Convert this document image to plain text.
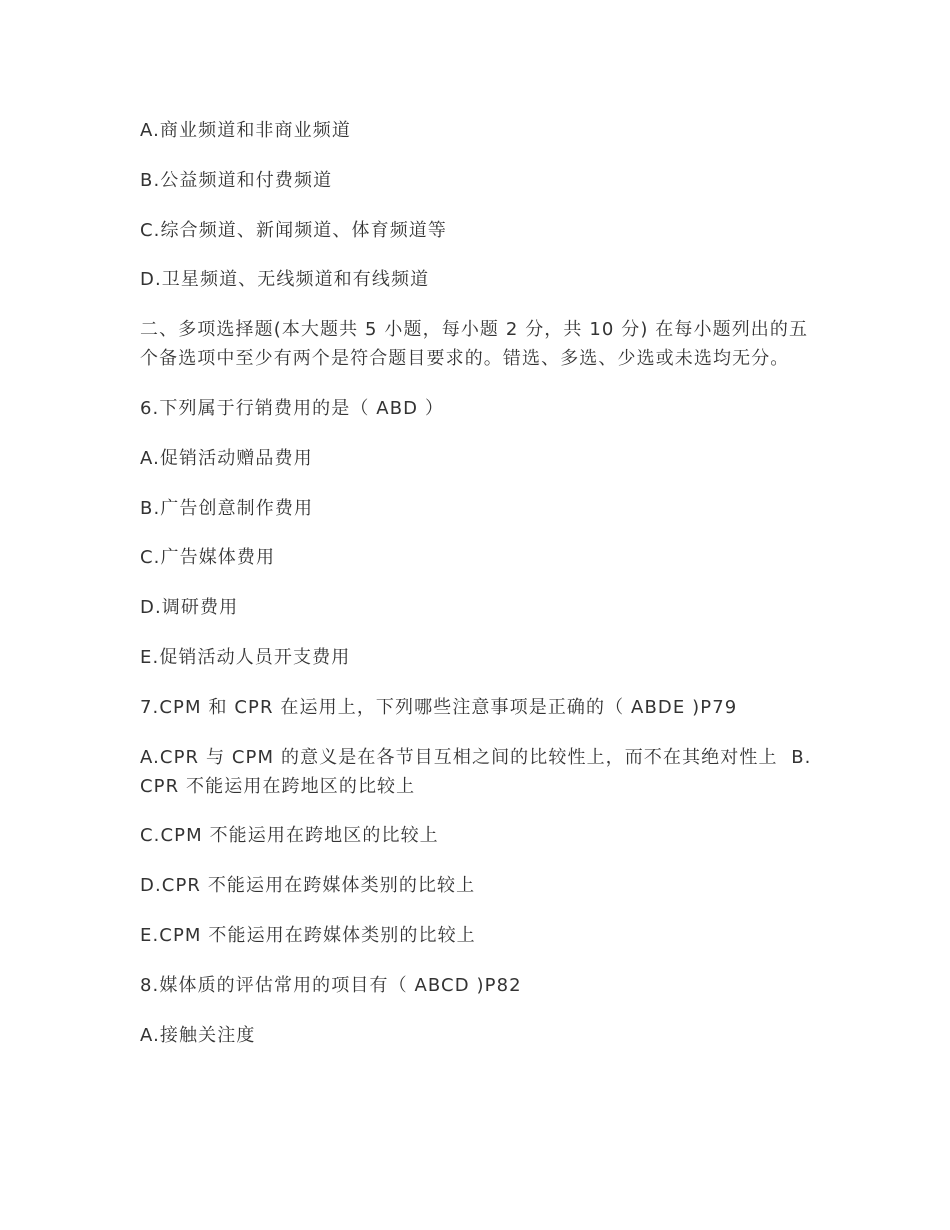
A.商业频道和非商业频道

B.公益频道和付费频道

C.综合频道、新闻频道、体育频道等

D.卫星频道、无线频道和有线频道

二、多项选择题(本大题共 5 小题，每小题 2 分，共 10 分) 在每小题列出的五个备选项中至少有两个是符合题目要求的。错选、多选、少选或未选均无分。

6.下列属于行销费用的是（ ABD ）

A.促销活动赠品费用

B.广告创意制作费用

C.广告媒体费用

D.调研费用

E.促销活动人员开支费用

7.CPM 和 CPR 在运用上，下列哪些注意事项是正确的（ ABDE )P79

A.CPR 与 CPM 的意义是在各节目互相之间的比较性上，而不在其绝对性上  B.CPR 不能运用在跨地区的比较上

C.CPM 不能运用在跨地区的比较上

D.CPR 不能运用在跨媒体类别的比较上

E.CPM 不能运用在跨媒体类别的比较上

8.媒体质的评估常用的项目有（ ABCD )P82

A.接触关注度
